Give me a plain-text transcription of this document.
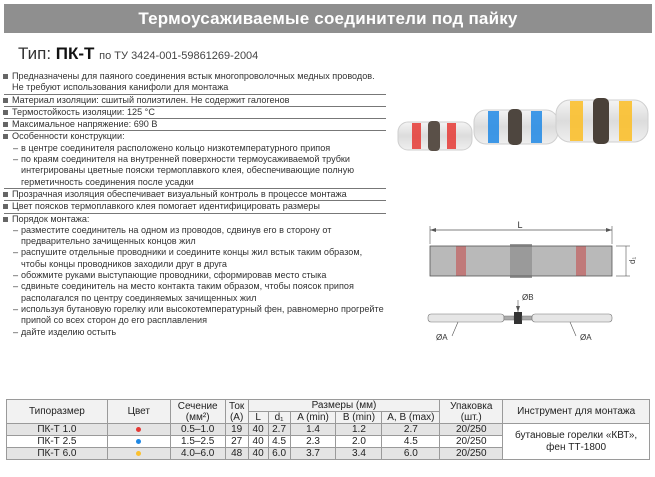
Термоусаживаемые соединители под пайку
Тип: ПК-Т по ТУ 3424-001-59861269-2004
Предназначены для паяного соединения встык многопроволочных медных проводов. Не требуют использования канифоли для монтажа
Материал изоляции: сшитый полиэтилен. Не содержит галогенов
Термостойкость изоляции: 125 °С
Максимальное напряжение: 690 В
Особенности конструкции:
– в центре соединителя расположено кольцо низкотемпературного припоя
– по краям соединителя на внутренней поверхности термоусаживаемой трубки интегрированы цветные пояски термоплавкого клея, обеспечивающие полную герметичность соединения после усадки
Прозрачная изоляция обеспечивает визуальный контроль в процессе монтажа
Цвет поясков термоплавкого клея помогает идентифицировать размеры
Порядок монтажа:
– разместите соединитель на одном из проводов, сдвинув его в сторону от предварительно зачищенных концов жил
– распушите отдельные проводники и соедините концы жил встык таким образом, чтобы концы проводников заходили друг в друга
– обожмите руками выступающие проводники, сформировав место стыка
– сдвиньте соединитель на место контакта таким образом, чтобы поясок припоя располагался по центру соединяемых зачищенных жил
– используя бутановую горелку или высокотемпературный фен, равномерно прогрейте припой со всех сторон до его расплавления
– дайте изделию остыть
L
d₁
ØB
ØA	ØA
Типоразмер	Цвет	Сечение (мм²)	Ток (А)	Размеры (мм)					Упаковка (шт.)	Инструмент для монтажа
				L	d₁	A (min)	B (min)	A, B (max)		
ПК-Т 1.0		0.5–1.0	19	40	2.7	1.4	1.2	2.7	20/250	бутановые горелки «КВТ», фен ТТ-1800
ПК-Т 2.5		1.5–2.5	27	40	4.5	2.3	2.0	4.5	20/250	
ПК-Т 6.0		4.0–6.0	48	40	6.0	3.7	3.4	6.0	20/250	
